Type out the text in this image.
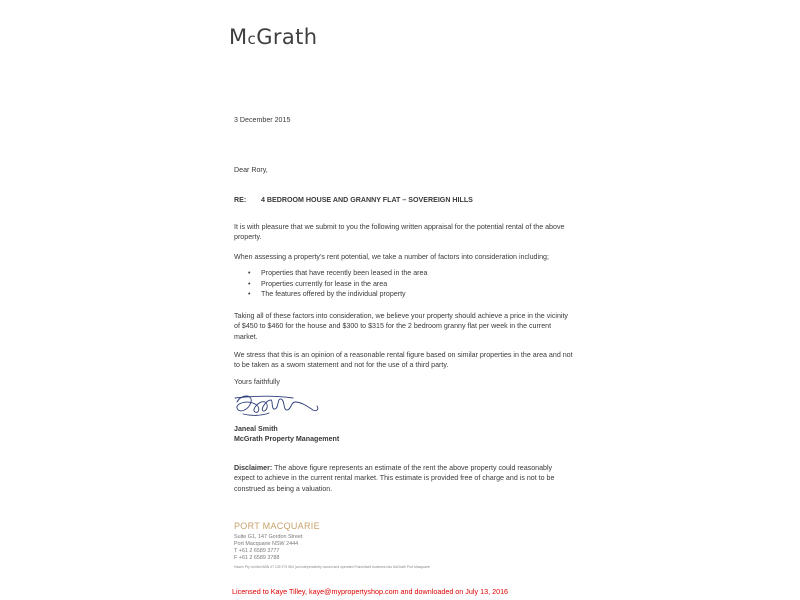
McGrath
3 December 2015
Dear Rory,
RE: 4 BEDROOM HOUSE AND GRANNY FLAT – SOVEREIGN HILLS
It is with pleasure that we submit to you the following written appraisal for the potential rental of the above property.
When assessing a property’s rent potential, we take a number of factors into consideration including;
• Properties that have recently been leased in the area
• Properties currently for lease in the area
• The features offered by the individual property
Taking all of these factors into consideration, we believe your property should achieve a price in the vicinity of $450 to $460 for the house and $300 to $315 for the 2 bedroom granny flat per week in the current market.
We stress that this is an opinion of a reasonable rental figure based on similar properties in the area and not to be taken as a sworn statement and not for the use of a third party.
Yours faithfully
Janeal Smith
McGrath Property Management
Disclaimer: The above figure represents an estimate of the rent the above property could reasonably expect to achieve in the current rental market. This estimate is provided free of charge and is not to be construed as being a valuation.
PORT MACQUARIE
Suite G1, 147 Gordon Street
Port Macquarie NSW 2444
T +61 2 6589 3777
F +61 2 6589 3788
Hasen Pty Limited ABN 47 135 973 584 (an independently owned and operated Franchised business t/as McGrath Port Macquarie
Licensed to Kaye Tilley, kaye@mypropertyshop.com and downloaded on July 13, 2016
